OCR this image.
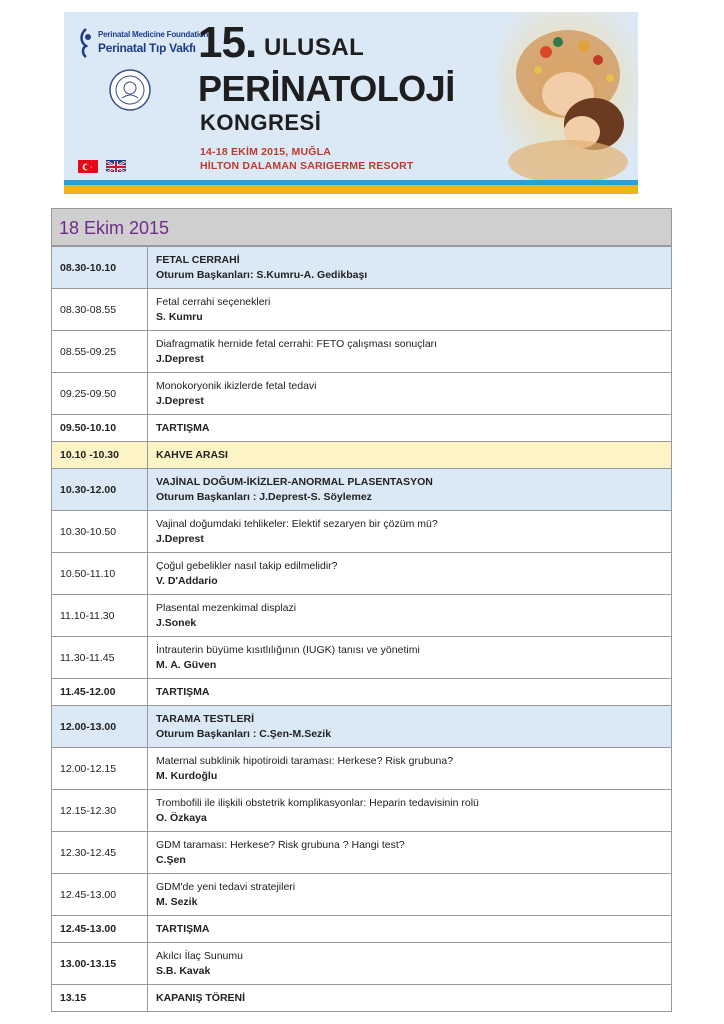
Perinatal Medicine Foundation
Perinatal Tıp Vakfı 15. ULUSAL
PERİNATOLOJİ
KONGRESİ
14-18 EKİM 2015, MUĞLA
HİLTON DALAMAN SARIGERME RESORT
18 Ekim 2015
08.30-10.10	FETAL CERRAHİ
Oturum Başkanları: S.Kumru-A. Gedikbaşı

08.30-08.55	Fetal cerrahi seçenekleri
S. Kumru

08.55-09.25	Diafragmatik hernide fetal cerrahi: FETO çalışması sonuçları
J.Deprest

09.25-09.50	Monokoryonik ikizlerde fetal tedavi
J.Deprest

09.50-10.10	TARTIŞMA

10.10 -10.30	KAHVE ARASI

10.30-12.00	VAJİNAL DOĞUM-İKİZLER-ANORMAL PLASENTASYON
Oturum Başkanları : J.Deprest-S. Söylemez

10.30-10.50	Vajinal doğumdaki tehlikeler: Elektif sezaryen bir çözüm mü?
J.Deprest

10.50-11.10	Çoğul gebelikler nasıl takip edilmelidir?
V. D'Addario

11.10-11.30	Plasental mezenkimal displazi
J.Sonek

11.30-11.45	İntrauterin büyüme kısıtlılığının (IUGK) tanısı ve yönetimi
M. A. Güven

11.45-12.00	TARTIŞMA

12.00-13.00	TARAMA TESTLERİ
Oturum Başkanları : C.Şen-M.Sezik

12.00-12.15	Maternal subklinik hipotiroidi taraması: Herkese? Risk grubuna?
M. Kurdoğlu

12.15-12.30	Trombofili ile ilişkili obstetrik komplikasyonlar: Heparin tedavisinin rolü
O. Özkaya

12.30-12.45	GDM taraması: Herkese? Risk grubuna ? Hangi test?
C.Şen

12.45-13.00	GDM'de yeni tedavi stratejileri
M. Sezik

12.45-13.00	TARTIŞMA

13.00-13.15	Akılcı İlaç Sunumu
S.B. Kavak

13.15	KAPANIŞ TÖRENİ
